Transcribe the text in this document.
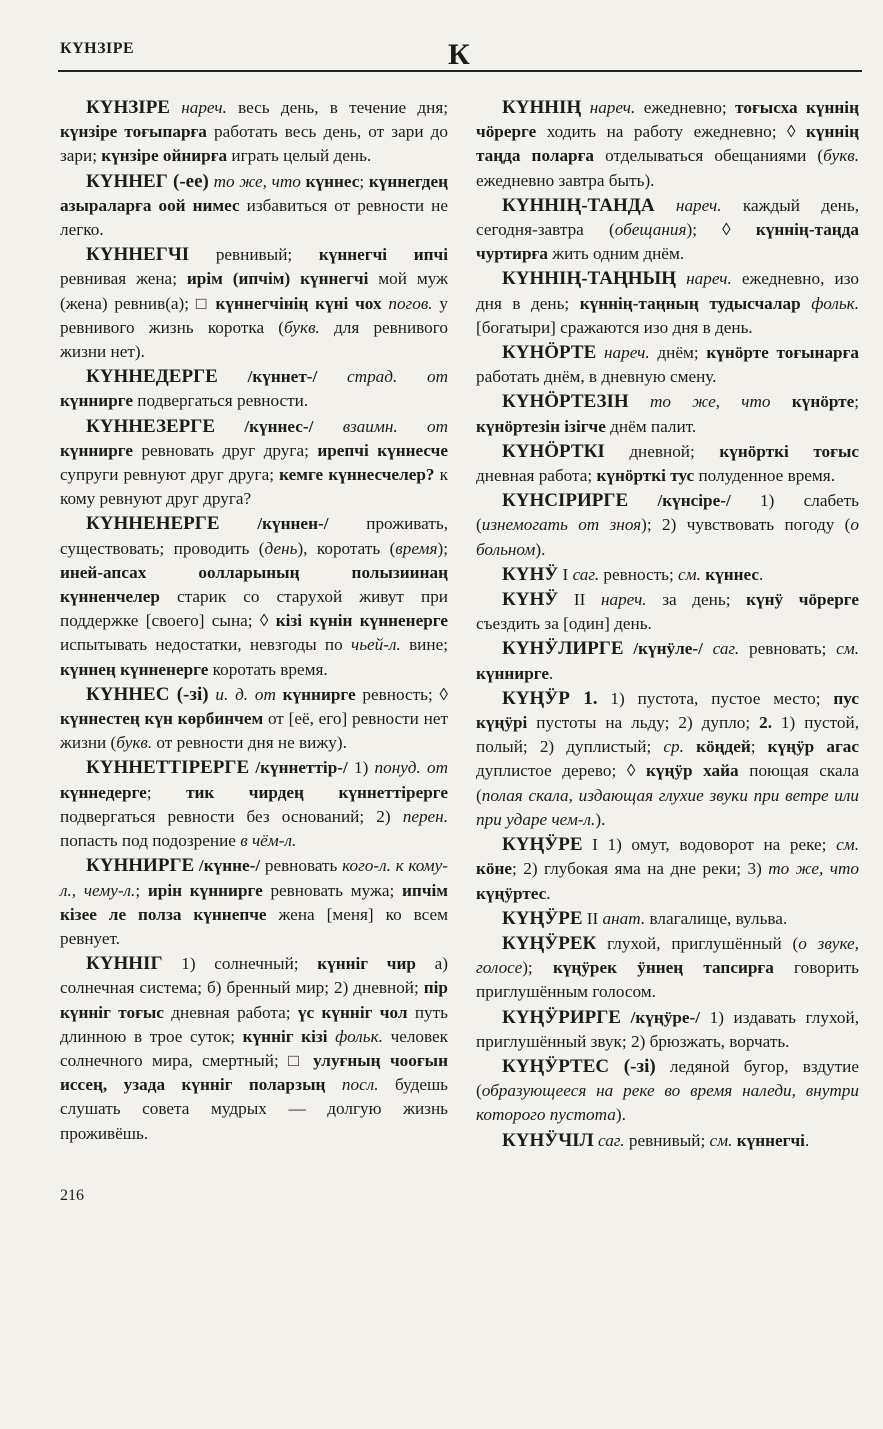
КҮНЗІРЕ	К

КҮНЗІРЕ нареч. весь день, в течение дня; күнзіре тоғыпарға работать весь день, от зари до зари; күнзіре ойнирға играть целый день.

КҮННЕГ (-ее) то же, что күннес; күннегдең азыраларға оой нимес избавиться от ревности не легко.

КҮННЕГЧІ ревнивый; күннегчі ипчі ревнивая жена; ирім (ипчім) күннегчі мой муж (жена) ревнив(а); □ күннегчінің күні чох погов. у ревнивого жизнь коротка (букв. для ревнивого жизни нет).

КҮННЕДЕРГЕ /күннет-/ страд. от күннирге подвергаться ревности.

КҮННЕЗЕРГЕ /күннес-/ взаимн. от күннирге ревновать друг друга; ирепчі күннесче супруги ревнуют друг друга; кемге күннесчелер? к кому ревнуют друг друга?

КҮННЕНЕРГЕ /күннен-/ проживать, существовать; проводить (день), коротать (время); иней-апсах оолларының полызиинаң күнненчелер старик со старухой живут при поддержке [своего] сына; ◊ кізі күнін күнненерге испытывать недостатки, невзгоды по чьей-л. вине; күннең күнненерге коротать время.

КҮННЕС (-зі) и. д. от күннирге ревность; ◊ күннестең күн көрбинчем от [её, его] ревности нет жизни (букв. от ревности дня не вижу).

КҮННЕТТІРЕРГЕ /күннеттір-/ 1) понуд. от күннедерге; тик чирдең күннеттірерге подвергаться ревности без оснований; 2) перен. попасть под подозрение в чём-л.

КҮННИРГЕ /күнне-/ ревновать кого-л. к кому-л., чему-л.; ирін күннирге ревновать мужа; ипчім кізее ле полза күннепче жена [меня] ко всем ревнует.

КҮННІГ 1) солнечный; күнніг чир а) солнечная система; б) бренный мир; 2) дневной; пір күнніг тоғыс дневная работа; үс күнніг чол путь длинною в трое суток; күнніг кізі фольк. человек солнечного мира, смертный; □ улуғның чооғын иссең, узада күнніг поларзың посл. будешь слушать совета мудрых — долгую жизнь проживёшь.

КҮННІҢ нареч. ежедневно; тоғысха күннің чӧрерге ходить на работу ежедневно; ◊ күннің таңда поларға отделываться обещаниями (букв. ежедневно завтра быть).

КҮННІҢ-ТАНДА нареч. каждый день, сегодня-завтра (обещания); ◊ күннің-таңда чуртирға жить одним днём.

КҮННІҢ-ТАҢНЫҢ нареч. ежедневно, изо дня в день; күннің-таңның тудысчалар фольк. [богатыри] сражаются изо дня в день.

КҮНӦРТЕ нареч. днём; күнӧрте тоғынарға работать днём, в дневную смену.

КҮНӦРТЕЗІН то же, что күнӧрте; күнӧртезін ізігче днём палит.

КҮНӦРТКІ дневной; күнӧрткі тоғыс дневная работа; күнӧрткі тус полуденное время.

КҮНСІРИРГЕ /күнсіре-/ 1) слабеть (изнемогать от зноя); 2) чувствовать погоду (о больном).

КҮНӰ I саг. ревность; см. күннес.

КҮНӰ II нареч. за день; күнӱ чӧрерге съездить за [один] день.

КҮНӰЛИРГЕ /күнӱле-/ саг. ревновать; см. күннирге.

КҮҢӰР 1. 1) пустота, пустое место; пус күңӱрі пустоты на льду; 2) дупло; 2. 1) пустой, полый; 2) дуплистый; ср. кӧңдей; күңӱр агас дуплистое дерево; ◊ күңӱр хайа поющая скала (полая скала, издающая глухие звуки при ветре или при ударе чем-л.).

КҮҢӰРЕ I 1) омут, водоворот на реке; см. кӧне; 2) глубокая яма на дне реки; 3) то же, что күңӱртес.

КҮҢӰРЕ II анат. влагалище, вульва.

КҮҢӰРЕК глухой, приглушённый (о звуке, голосе); күңӱрек ӱннең тапсирға говорить приглушённым голосом.

КҮҢӰРИРГЕ /күңӱре-/ 1) издавать глухой, приглушённый звук; 2) брюзжать, ворчать.

КҮҢӰРТЕС (-зі) ледяной бугор, вздутие (образующееся на реке во время наледи, внутри которого пустота).

КҮНӰЧІЛ саг. ревнивый; см. күннегчі.

216
